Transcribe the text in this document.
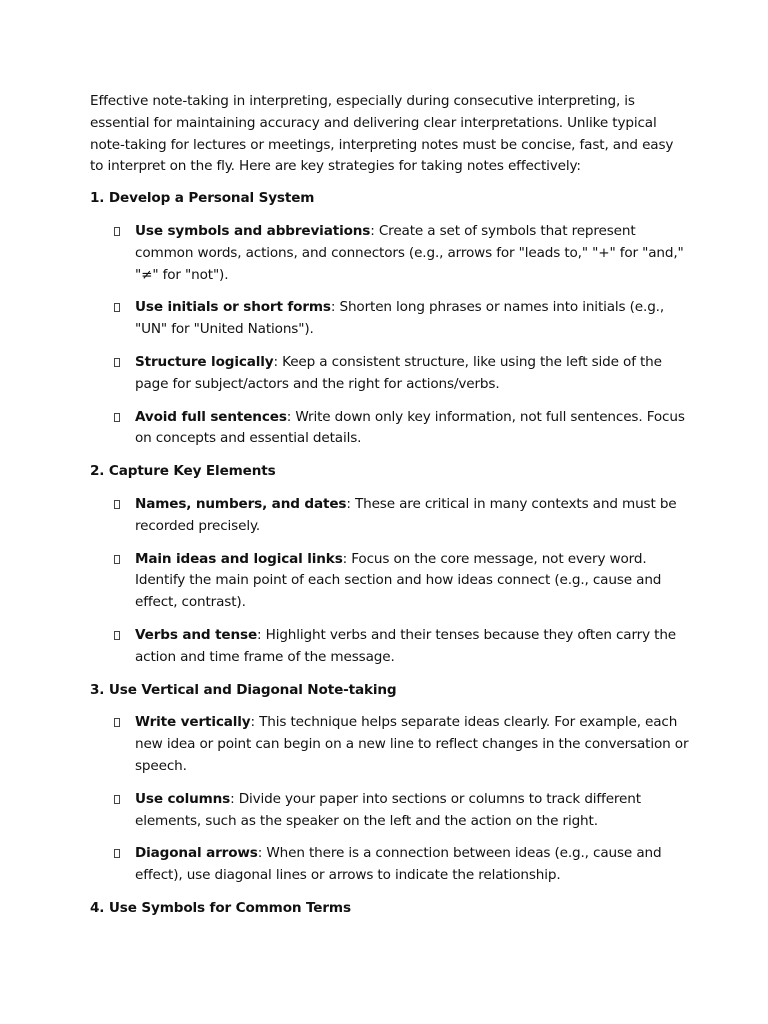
Effective note-taking in interpreting, especially during consecutive interpreting, is essential for maintaining accuracy and delivering clear interpretations. Unlike typical note-taking for lectures or meetings, interpreting notes must be concise, fast, and easy to interpret on the fly. Here are key strategies for taking notes effectively:

1. Develop a Personal System
Use symbols and abbreviations: Create a set of symbols that represent common words, actions, and connectors (e.g., arrows for "leads to," "+" for "and," "≠" for "not").
Use initials or short forms: Shorten long phrases or names into initials (e.g., "UN" for "United Nations").
Structure logically: Keep a consistent structure, like using the left side of the page for subject/actors and the right for actions/verbs.
Avoid full sentences: Write down only key information, not full sentences. Focus on concepts and essential details.
2. Capture Key Elements
Names, numbers, and dates: These are critical in many contexts and must be recorded precisely.
Main ideas and logical links: Focus on the core message, not every word. Identify the main point of each section and how ideas connect (e.g., cause and effect, contrast).
Verbs and tense: Highlight verbs and their tenses because they often carry the action and time frame of the message.
3. Use Vertical and Diagonal Note-taking
Write vertically: This technique helps separate ideas clearly. For example, each new idea or point can begin on a new line to reflect changes in the conversation or speech.
Use columns: Divide your paper into sections or columns to track different elements, such as the speaker on the left and the action on the right.
Diagonal arrows: When there is a connection between ideas (e.g., cause and effect), use diagonal lines or arrows to indicate the relationship.
4. Use Symbols for Common Terms
